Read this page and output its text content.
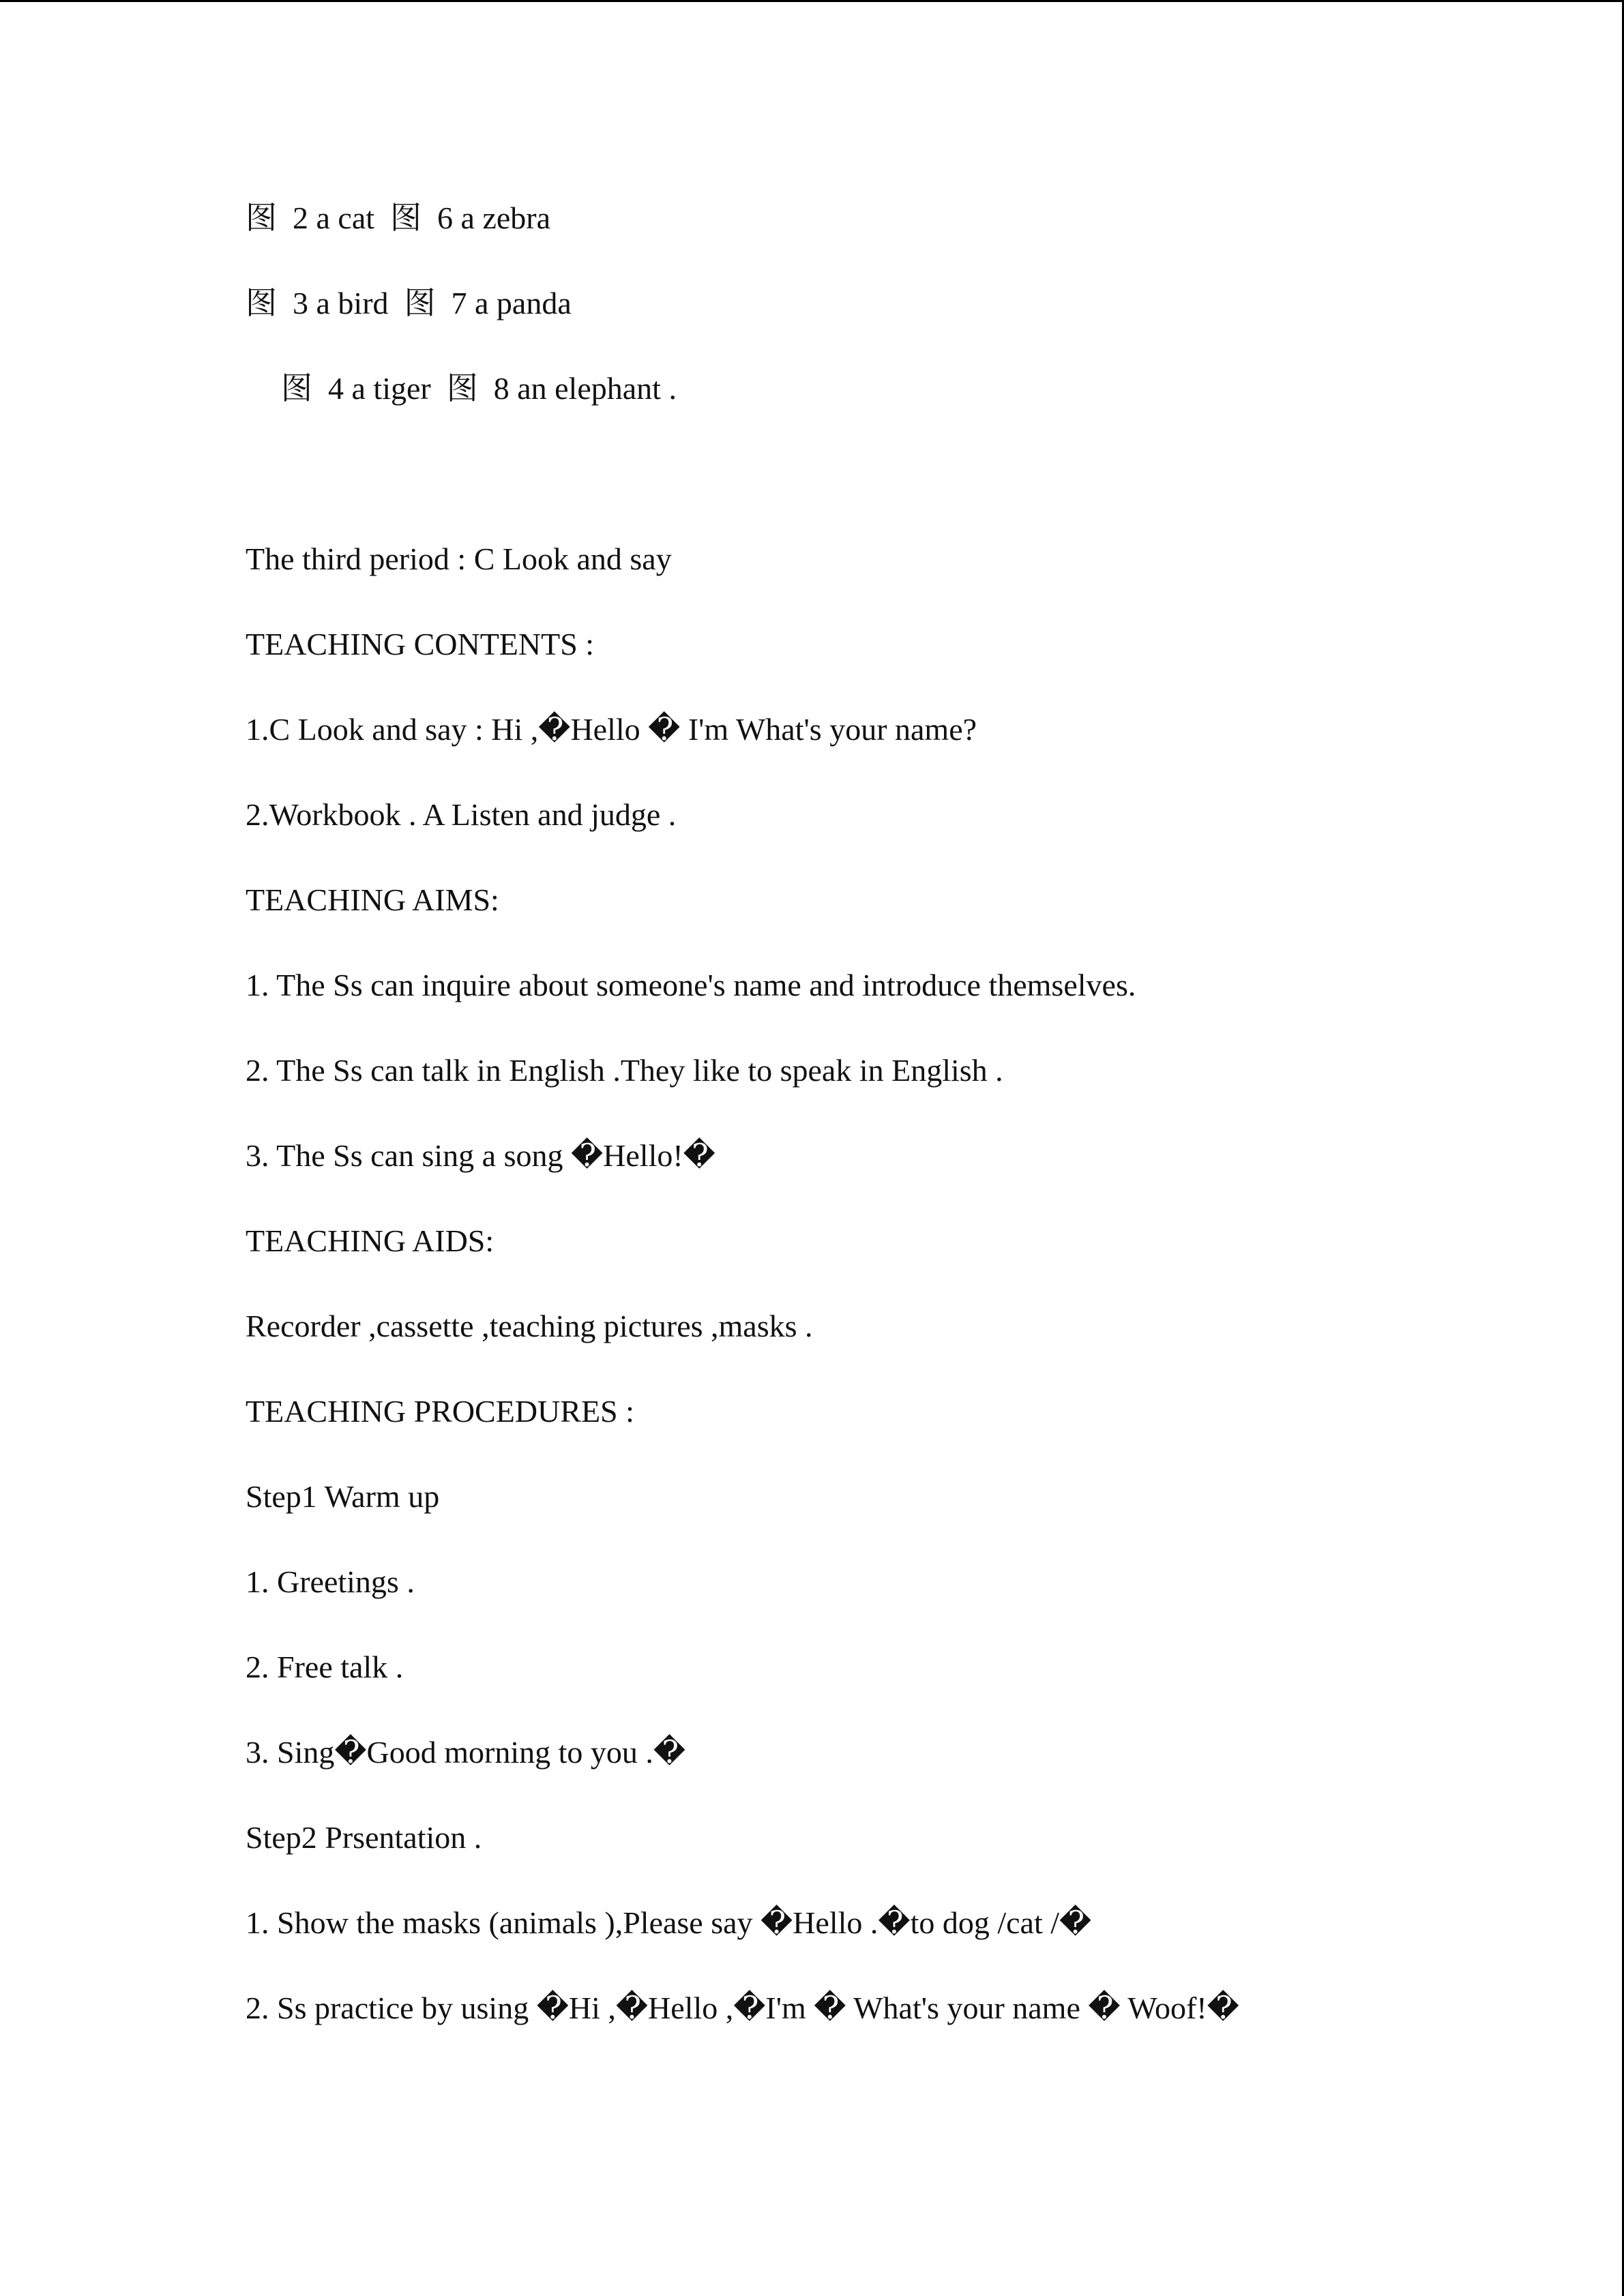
图  2 a cat  图  6 a zebra
图  3 a bird  图  7 a panda
图  4 a tiger  图  8 an elephant .
The third period : C Look and say
TEACHING CONTENTS :
1.C Look and say : Hi ,�Hello � I'm What's your name?
2.Workbook . A Listen and judge .
TEACHING AIMS:
1. The Ss can inquire about someone's name and introduce themselves.
2. The Ss can talk in English .They like to speak in English .
3. The Ss can sing a song �Hello!�
TEACHING AIDS:
Recorder ,cassette ,teaching pictures ,masks .
TEACHING PROCEDURES :
Step1 Warm up
1. Greetings .
2. Free talk .
3. Sing�Good morning to you .�
Step2 Prsentation .
1. Show the masks (animals ),Please say �Hello .�to dog /cat /�
2. Ss practice by using �Hi ,�Hello ,�I'm � What's your name � Woof!�
